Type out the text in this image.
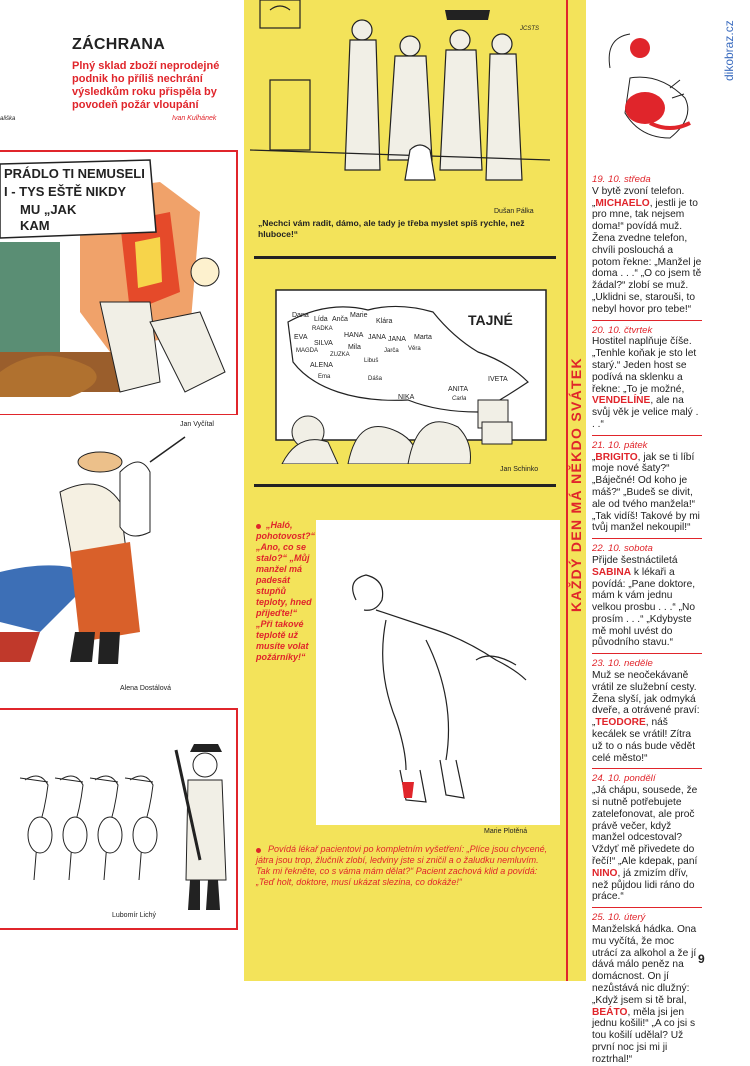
ZÁCHRANA
Plný sklad zboží neprodejné podnik ho příliš nechrání výsledkům roku přispěla by povodeň požár vloupání
ališka	Ivan Kulhánek
PRÁDLO TI NEMUSELI
I - TYS EŠTĚ NIKDY
MU „JAK
KAM
Jan Vyčítal
Alena Dostálová
Lubomír Lichý
JCSTS
Dušan Pálka
„Nechci vám radit, dámo, ale tady je třeba myslet spíš rychle, než hluboce!“
TAJNÉ
Dana
Lída Anča
Marie
RADKA
Klára
EVA
SILVA
HANA JANA JANA
MAGDA	Mila
ZUZKA
Věra
Marta
ALENA
Jarča
Ema
Libuš
Dáša
NIKA
ANITA
Carla
IVETA
Jan Schinko
„Haló, pohotovost?“ „Ano, co se stalo?“ „Můj manžel má padesát stupňů teploty, hned přijeďte!“ „Při takové teplotě už musíte volat požárníky!“
Marie Plotěná
Povídá lékař pacientovi po kompletním vyšetření: „Plíce jsou chycené, játra jsou trop, žlučník zlobí, ledviny jste si zničil a o žaludku nemluvím. Tak mi řekněte, co s váma mám dělat?“ Pacient zachová klid a povídá: „Teď holt, doktore, musí ukázat slezina, co dokáže!“
KAŽDÝ DEN MÁ NĚKDO SVÁTEK
dikobraz.cz

19. 10. středa

V bytě zvoní telefon. „MICHAELO, jestli je to pro mne, tak nejsem doma!“ povídá muž. Žena zvedne telefon, chvíli poslouchá a potom řekne: „Manžel je doma . . .“ „O co jsem tě žádal?“ zlobí se muž. „Uklidni se, starouši, to nebyl hovor pro tebe!“

20. 10. čtvrtek

Hostitel naplňuje číše. „Tenhle koňak je sto let starý.“ Jeden host se podívá na sklenku a řekne: „To je možné, VENDELÍNE, ale na svůj věk je velice malý . . .“

21. 10. pátek

„BRIGITO, jak se ti líbí moje nové šaty?“ „Báječné! Od koho je máš?“ „Budeš se divit, ale od tvého manžela!“ „Tak vidíš! Takové by mi tvůj manžel nekoupil!“

22. 10. sobota

Přijde šestnáctiletá SABINA k lékaři a povídá: „Pane doktore, mám k vám jednu velkou prosbu . . .“ „No prosím . . .“ „Kdybyste mě mohl uvést do původního stavu.“

23. 10. neděle

Muž se neočekávaně vrátil ze služební cesty. Žena slyší, jak odmyká dveře, a otrávené praví: „TEODORE, náš kecálek se vrátil! Zítra už to o nás bude vědět celé město!“

24. 10. pondělí

„Já chápu, sousede, že si nutně potřebujete zatelefonovat, ale proč právě večer, když manžel odcestoval? Vždyť mě přivedete do řečí!“ „Ale kdepak, paní NINO, já zmizím dřív, než půjdou lidi ráno do práce.“

25. 10. úterý

Manželská hádka. Ona mu vyčítá, že moc utrácí za alkohol a že jí dává málo peněz na domácnost. On jí nezůstává nic dlužný: „Když jsem si tě bral, BEÁTO, měla jsi jen jednu košili!“ „A co jsi s tou košilí udělal? Už první noc jsi mi ji roztrhal!“

9
